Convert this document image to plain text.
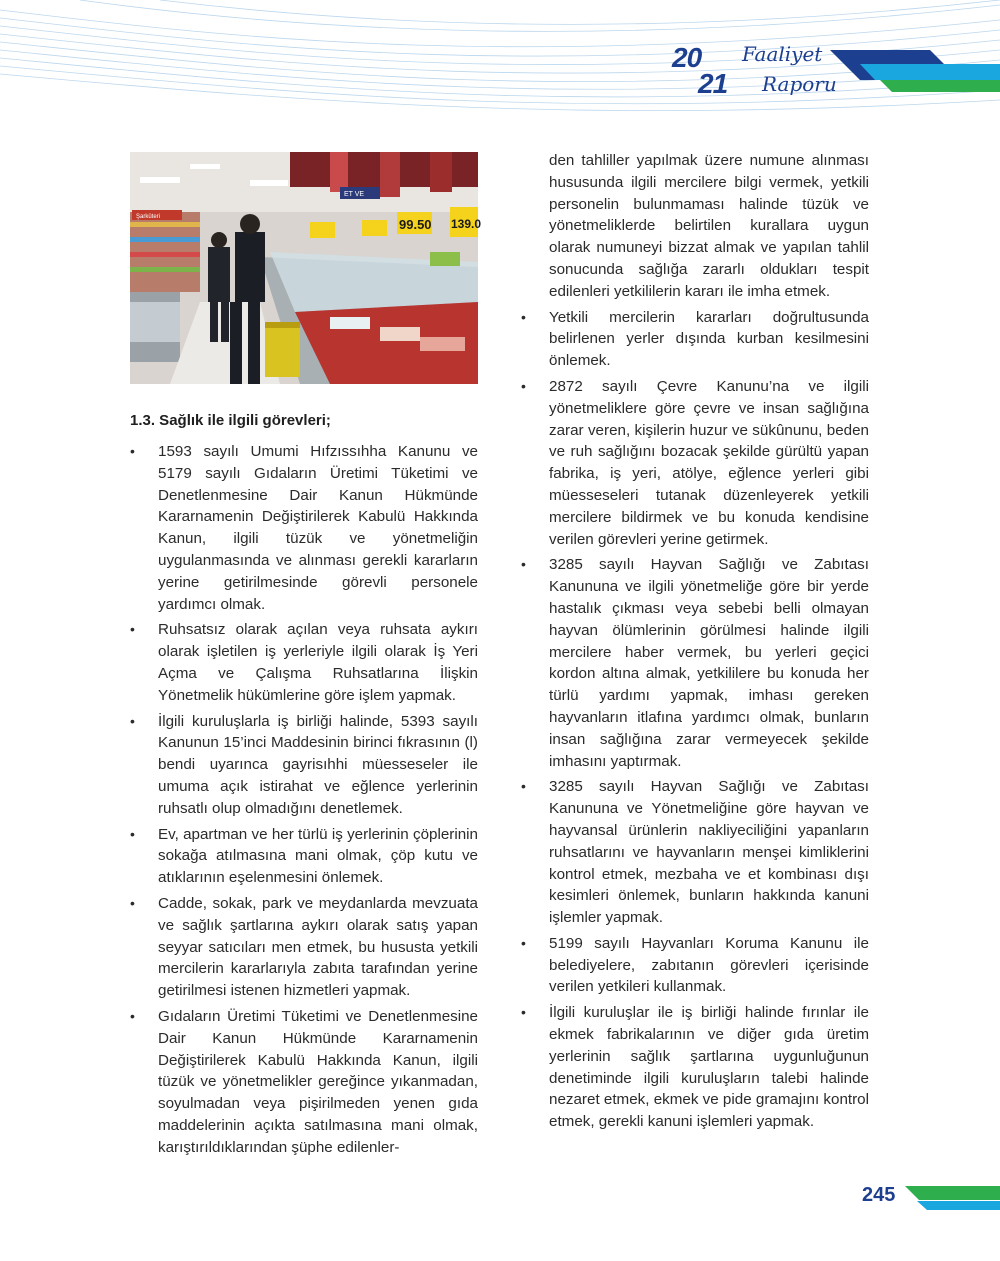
20
21
Faaliyet
Raporu
Şarküteri
ET VE
99.50 139.0
1.3. Sağlık ile ilgili görevleri;
• 1593 sayılı Umumi Hıfzıssıhha Kanunu ve 5179 sayılı Gıdaların Üretimi Tüketimi ve Denetlenmesine Dair Kanun Hükmünde Kararnamenin Değiştirilerek Kabulü Hakkında Kanun, ilgili tüzük ve yönetmeliğin uygulanmasında ve alınması gerekli kararların yerine getirilmesinde görevli personele yardımcı olmak.
• Ruhsatsız olarak açılan veya ruhsata aykırı olarak işletilen iş yerleriyle ilgili olarak İş Yeri Açma ve Çalışma Ruhsatlarına İlişkin Yönetmelik hükümlerine göre işlem yapmak.
• İlgili kuruluşlarla iş birliği halinde, 5393 sayılı Kanunun 15’inci Maddesinin birinci fıkrasının (l) bendi uyarınca gayrisıhhi müesseseler ile umuma açık istirahat ve eğlence yerlerinin ruhsatlı olup olmadığını denetlemek.
• Ev, apartman ve her türlü iş yerlerinin çöplerinin sokağa atılmasına mani olmak, çöp kutu ve atıklarının eşelenmesini önlemek.
• Cadde, sokak, park ve meydanlarda mevzuata ve sağlık şartlarına aykırı olarak satış yapan seyyar satıcıları men etmek, bu hususta yetkili mercilerin kararlarıyla zabıta tarafından yerine getirilmesi istenen hizmetleri yapmak.
• Gıdaların Üretimi Tüketimi ve Denetlenmesine Dair Kanun Hükmünde Kararnamenin Değiştirilerek Kabulü Hakkında Kanun, ilgili tüzük ve yönetmelikler gereğince yıkanmadan, soyulmadan veya pişirilmeden yenen gıda maddelerinin açıkta satılmasına mani olmak, karıştırıldıklarından şüphe edilenler-

den tahliller yapılmak üzere numune alınması hususunda ilgili mercilere bilgi vermek, yetkili personelin bulunmaması halinde tüzük ve yönetmeliklerde belirtilen kurallara uygun olarak numuneyi bizzat almak ve yapılan tahlil sonucunda sağlığa zararlı oldukları tespit edilenleri yetkililerin kararı ile imha etmek.

• Yetkili mercilerin kararları doğrultusunda belirlenen yerler dışında kurban kesilmesini önlemek.
• 2872 sayılı Çevre Kanunu’na ve ilgili yönetmeliklere göre çevre ve insan sağlığına zarar veren, kişilerin huzur ve sükûnunu, beden ve ruh sağlığını bozacak şekilde gürültü yapan fabrika, iş yeri, atölye, eğlence yerleri gibi müesseseleri tutanak düzenleyerek yetkili mercilere bildirmek ve bu konuda kendisine verilen görevleri yerine getirmek.
• 3285 sayılı Hayvan Sağlığı ve Zabıtası Kanununa ve ilgili yönetmeliğe göre bir yerde hastalık çıkması veya sebebi belli olmayan hayvan ölümlerinin görülmesi halinde ilgili mercilere haber vermek, bu yerleri geçici kordon altına almak, yetkililere bu konuda her türlü yardımı yapmak, imhası gereken hayvanların itlafına yardımcı olmak, bunların insan sağlığına zarar vermeyecek şekilde imhasını yaptırmak.
• 3285 sayılı Hayvan Sağlığı ve Zabıtası Kanununa ve Yönetmeliğine göre hayvan ve hayvansal ürünlerin nakliyeciliğini yapanların ruhsatlarını ve hayvanların menşei kimliklerini kontrol etmek, mezbaha ve et kombinası dışı kesimleri önlemek, bunların hakkında kanuni işlemler yapmak.
• 5199 sayılı Hayvanları Koruma Kanunu ile belediyelere, zabıtanın görevleri içerisinde verilen yetkileri kullanmak.
• İlgili kuruluşlar ile iş birliği halinde fırınlar ile ekmek fabrikalarının ve diğer gıda üretim yerlerinin sağlık şartlarına uygunluğunun denetiminde ilgili kuruluşların talebi halinde nezaret etmek, ekmek ve pide gramajını kontrol etmek, gerekli kanuni işlemleri yapmak.
245
